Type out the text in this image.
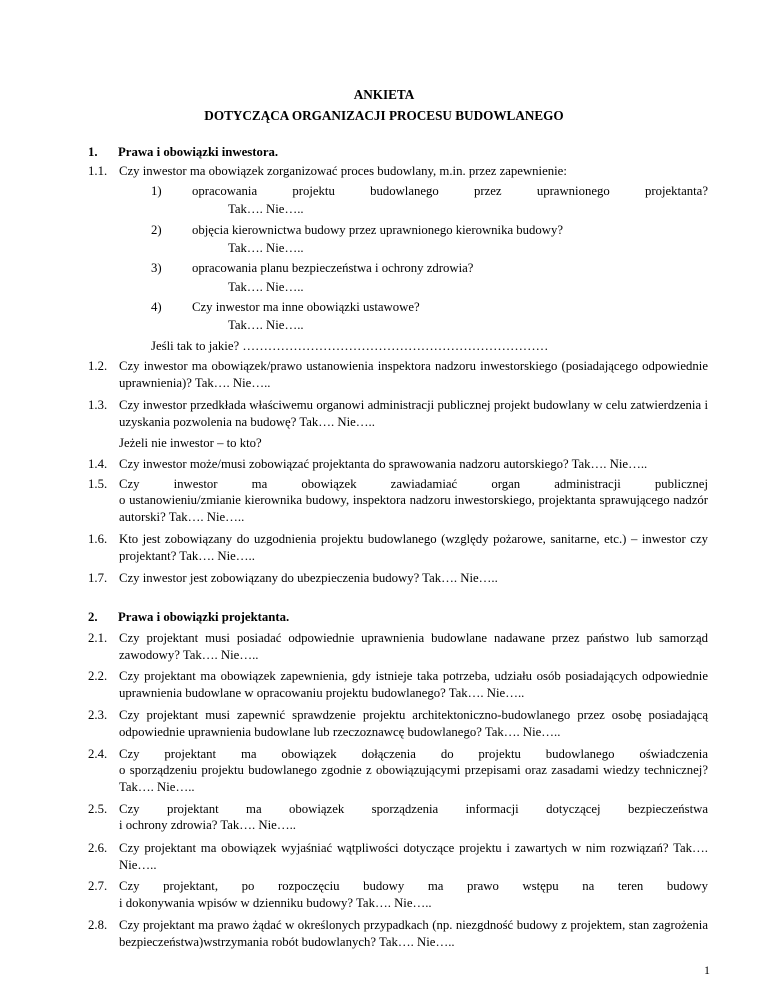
ANKIETA
DOTYCZĄCA ORGANIZACJI PROCESU BUDOWLANEGO
1. Prawa i obowiązki inwestora.
1.1. Czy inwestor ma obowiązek zorganizować proces budowlany, m.in. przez zapewnienie:
1) opracowania projektu budowlanego przez uprawnionego projektanta?
Tak…. Nie…..
2) objęcia kierownictwa budowy przez uprawnionego kierownika budowy?
Tak…. Nie…..
3) opracowania planu bezpieczeństwa i ochrony zdrowia?
Tak…. Nie…..
4) Czy inwestor ma inne obowiązki ustawowe?
Tak…. Nie…..
Jeśli tak to jakie? ………………………………………………………………
1.2. Czy inwestor ma obowiązek/prawo ustanowienia inspektora nadzoru inwestorskiego (posiadającego odpowiednie uprawnienia)? Tak…. Nie…..
1.3. Czy inwestor przedkłada właściwemu organowi administracji publicznej projekt budowlany w celu zatwierdzenia i uzyskania pozwolenia na budowę? Tak…. Nie…..
Jeżeli nie inwestor – to kto?
1.4. Czy inwestor może/musi zobowiązać projektanta do sprawowania nadzoru autorskiego? Tak…. Nie…..
1.5. Czy inwestor ma obowiązek zawiadamiać organ administracji publicznej
o ustanowieniu/zmianie kierownika budowy, inspektora nadzoru inwestorskiego, projektanta sprawującego nadzór autorski? Tak…. Nie…..
1.6. Kto jest zobowiązany do uzgodnienia projektu budowlanego (względy pożarowe, sanitarne, etc.) – inwestor czy projektant? Tak…. Nie…..
1.7. Czy inwestor jest zobowiązany do ubezpieczenia budowy? Tak…. Nie…..
2. Prawa i obowiązki projektanta.
2.1. Czy projektant musi posiadać odpowiednie uprawnienia budowlane nadawane przez państwo lub samorząd zawodowy? Tak…. Nie…..
2.2. Czy projektant ma obowiązek zapewnienia, gdy istnieje taka potrzeba, udziału osób posiadających odpowiednie uprawnienia budowlane w opracowaniu projektu budowlanego? Tak…. Nie…..
2.3. Czy projektant musi zapewnić sprawdzenie projektu architektoniczno-budowlanego przez osobę posiadającą odpowiednie uprawnienia budowlane lub rzeczoznawcę budowlanego? Tak…. Nie…..
2.4. Czy projektant ma obowiązek dołączenia do projektu budowlanego oświadczenia
o sporządzeniu projektu budowlanego zgodnie z obowiązującymi przepisami oraz zasadami wiedzy technicznej? Tak…. Nie…..
2.5. Czy projektant ma obowiązek sporządzenia informacji dotyczącej bezpieczeństwa
i ochrony zdrowia? Tak…. Nie…..
2.6. Czy projektant ma obowiązek wyjaśniać wątpliwości dotyczące projektu i zawartych w nim rozwiązań? Tak…. Nie…..
2.7. Czy projektant, po rozpoczęciu budowy ma prawo wstępu na teren budowy
i dokonywania wpisów w dzienniku budowy? Tak…. Nie…..
2.8. Czy projektant ma prawo żądać w określonych przypadkach (np. niezgdność budowy z projektem, stan zagrożenia bezpieczeństwa)wstrzymania robót budowlanych? Tak…. Nie…..
1
